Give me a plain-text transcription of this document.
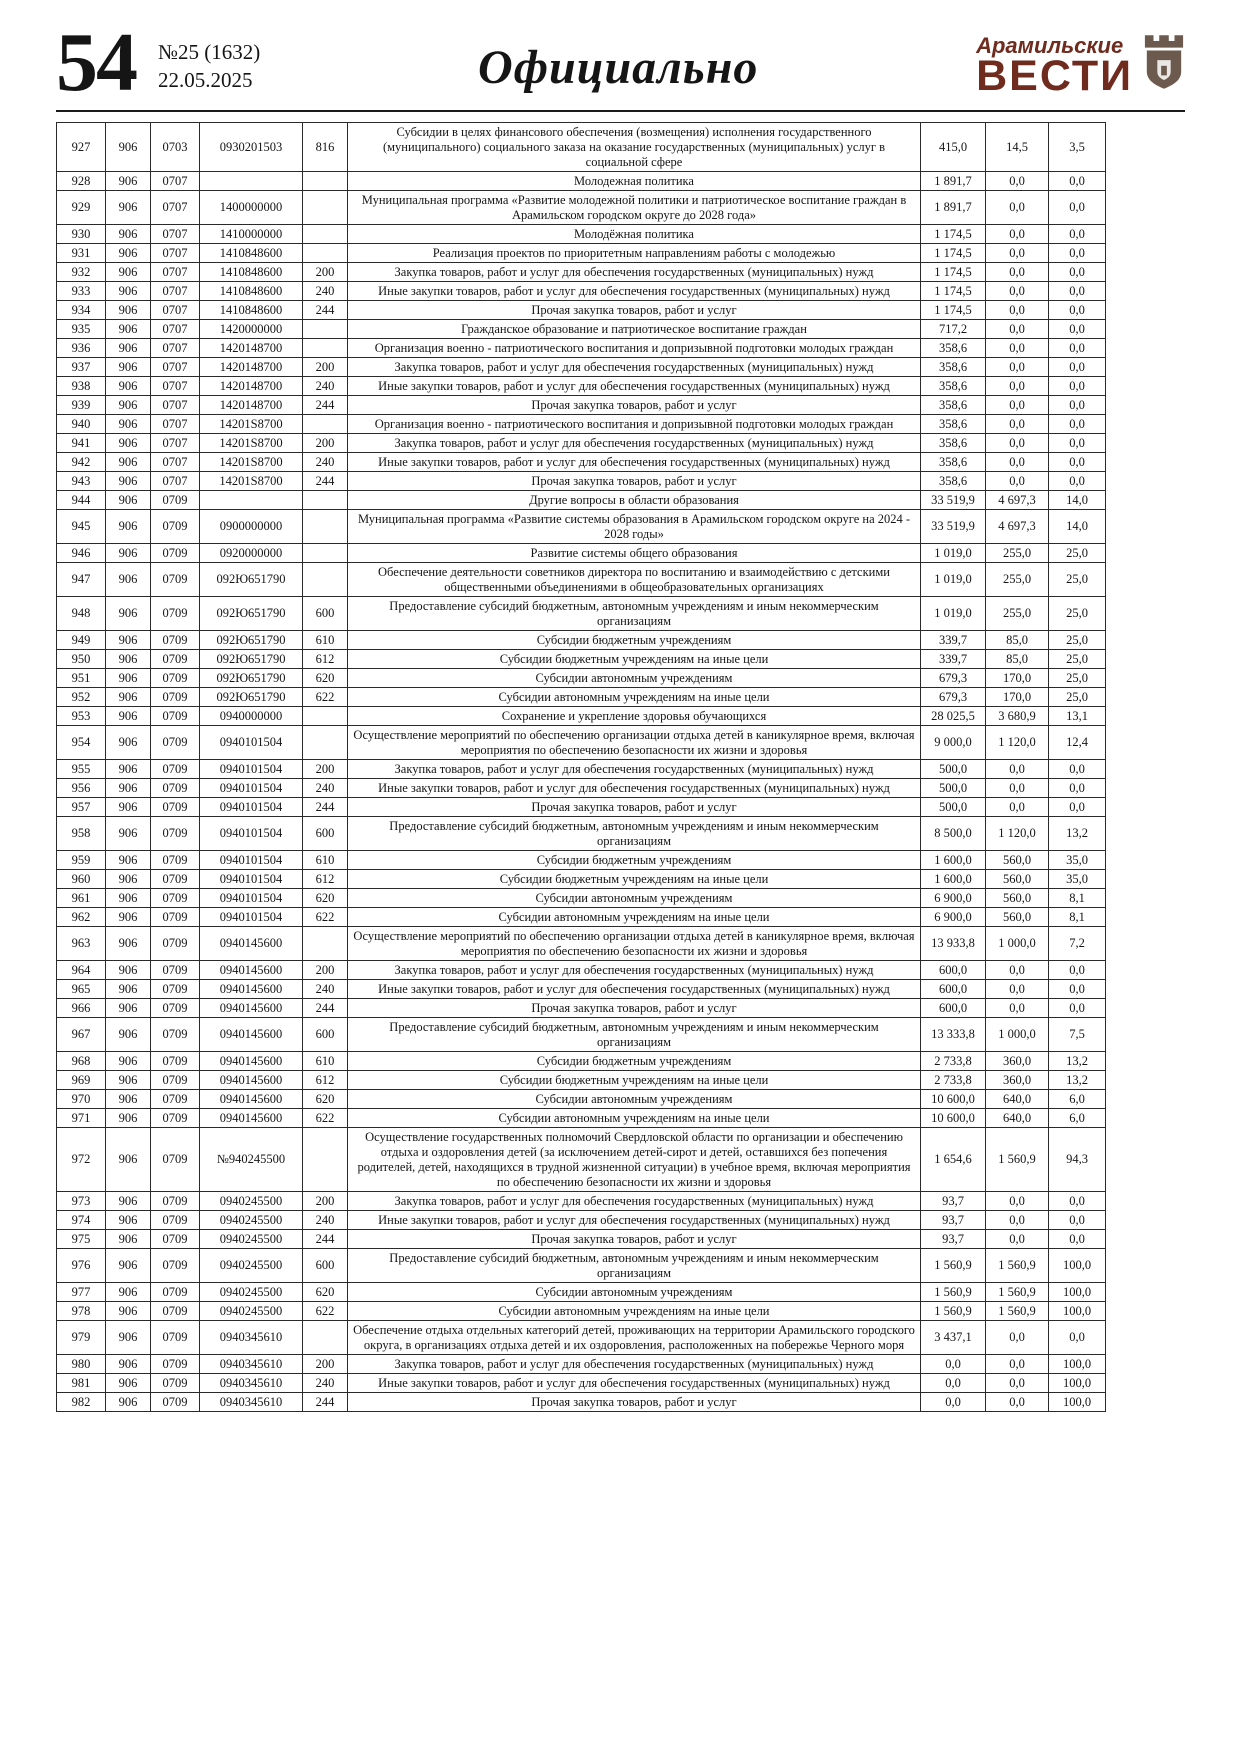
54 №25 (1632)
22.05.2025	Официально	Арамильские
ВЕСТИ
927	906	0703	0930201503	816	Субсидии в целях финансового обеспечения (возмещения) исполнения государственного (муниципального) социального заказа на оказание государственных (муниципальных) услуг в социальной сфере	415,0	14,5	3,5
928	906	0707			Молодежная политика	1 891,7	0,0	0,0
929	906	0707	1400000000		Муниципальная программа «Развитие молодежной политики и патриотическое воспитание граждан в Арамильском городском округе до 2028 года»	1 891,7	0,0	0,0
930	906	0707	1410000000		Молодёжная политика	1 174,5	0,0	0,0
931	906	0707	1410848600		Реализация проектов по приоритетным направлениям работы с молодежью	1 174,5	0,0	0,0
932	906	0707	1410848600	200	Закупка товаров, работ и услуг для обеспечения государственных (муниципальных) нужд	1 174,5	0,0	0,0
933	906	0707	1410848600	240	Иные закупки товаров, работ и услуг для обеспечения государственных (муниципальных) нужд	1 174,5	0,0	0,0
934	906	0707	1410848600	244	Прочая закупка товаров, работ и услуг	1 174,5	0,0	0,0
935	906	0707	1420000000		Гражданское образование и патриотическое воспитание граждан	717,2	0,0	0,0
936	906	0707	1420148700		Организация военно - патриотического воспитания и допризывной подготовки молодых граждан	358,6	0,0	0,0
937	906	0707	1420148700	200	Закупка товаров, работ и услуг для обеспечения государственных (муниципальных) нужд	358,6	0,0	0,0
938	906	0707	1420148700	240	Иные закупки товаров, работ и услуг для обеспечения государственных (муниципальных) нужд	358,6	0,0	0,0
939	906	0707	1420148700	244	Прочая закупка товаров, работ и услуг	358,6	0,0	0,0
940	906	0707	14201S8700		Организация военно - патриотического воспитания и допризывной подготовки молодых граждан	358,6	0,0	0,0
941	906	0707	14201S8700	200	Закупка товаров, работ и услуг для обеспечения государственных (муниципальных) нужд	358,6	0,0	0,0
942	906	0707	14201S8700	240	Иные закупки товаров, работ и услуг для обеспечения государственных (муниципальных) нужд	358,6	0,0	0,0
943	906	0707	14201S8700	244	Прочая закупка товаров, работ и услуг	358,6	0,0	0,0
944	906	0709			Другие вопросы в области образования	33 519,9	4 697,3	14,0
945	906	0709	0900000000		Муниципальная программа «Развитие системы образования в Арамильском городском округе на 2024 - 2028 годы»	33 519,9	4 697,3	14,0
946	906	0709	0920000000		Развитие системы общего образования	1 019,0	255,0	25,0
947	906	0709	092Ю651790		Обеспечение деятельности советников директора по воспитанию и взаимодействию с детскими общественными объединениями в общеобразовательных организациях	1 019,0	255,0	25,0
948	906	0709	092Ю651790	600	Предоставление субсидий бюджетным, автономным учреждениям и иным некоммерческим организациям	1 019,0	255,0	25,0
949	906	0709	092Ю651790	610	Субсидии бюджетным учреждениям	339,7	85,0	25,0
950	906	0709	092Ю651790	612	Субсидии бюджетным учреждениям на иные цели	339,7	85,0	25,0
951	906	0709	092Ю651790	620	Субсидии автономным учреждениям	679,3	170,0	25,0
952	906	0709	092Ю651790	622	Субсидии автономным учреждениям на иные цели	679,3	170,0	25,0
953	906	0709	0940000000		Сохранение и укрепление здоровья обучающихся	28 025,5	3 680,9	13,1
954	906	0709	0940101504		Осуществление мероприятий по обеспечению организации отдыха детей в каникулярное время, включая мероприятия по обеспечению безопасности их жизни и здоровья	9 000,0	1 120,0	12,4
955	906	0709	0940101504	200	Закупка товаров, работ и услуг для обеспечения государственных (муниципальных) нужд	500,0	0,0	0,0
956	906	0709	0940101504	240	Иные закупки товаров, работ и услуг для обеспечения государственных (муниципальных) нужд	500,0	0,0	0,0
957	906	0709	0940101504	244	Прочая закупка товаров, работ и услуг	500,0	0,0	0,0
958	906	0709	0940101504	600	Предоставление субсидий бюджетным, автономным учреждениям и иным некоммерческим организациям	8 500,0	1 120,0	13,2
959	906	0709	0940101504	610	Субсидии бюджетным учреждениям	1 600,0	560,0	35,0
960	906	0709	0940101504	612	Субсидии бюджетным учреждениям на иные цели	1 600,0	560,0	35,0
961	906	0709	0940101504	620	Субсидии автономным учреждениям	6 900,0	560,0	8,1
962	906	0709	0940101504	622	Субсидии автономным учреждениям на иные цели	6 900,0	560,0	8,1
963	906	0709	0940145600		Осуществление мероприятий по обеспечению организации отдыха детей в каникулярное время, включая мероприятия по обеспечению безопасности их жизни и здоровья	13 933,8	1 000,0	7,2
964	906	0709	0940145600	200	Закупка товаров, работ и услуг для обеспечения государственных (муниципальных) нужд	600,0	0,0	0,0
965	906	0709	0940145600	240	Иные закупки товаров, работ и услуг для обеспечения государственных (муниципальных) нужд	600,0	0,0	0,0
966	906	0709	0940145600	244	Прочая закупка товаров, работ и услуг	600,0	0,0	0,0
967	906	0709	0940145600	600	Предоставление субсидий бюджетным, автономным учреждениям и иным некоммерческим организациям	13 333,8	1 000,0	7,5
968	906	0709	0940145600	610	Субсидии бюджетным учреждениям	2 733,8	360,0	13,2
969	906	0709	0940145600	612	Субсидии бюджетным учреждениям на иные цели	2 733,8	360,0	13,2
970	906	0709	0940145600	620	Субсидии автономным учреждениям	10 600,0	640,0	6,0
971	906	0709	0940145600	622	Субсидии автономным учреждениям на иные цели	10 600,0	640,0	6,0
972	906	0709	№940245500		Осуществление государственных полномочий Свердловской области по организации и обеспечению отдыха и оздоровления детей (за исключением детей-сирот и детей, оставшихся без попечения родителей, детей, находящихся в трудной жизненной ситуации) в учебное время, включая мероприятия по обеспечению безопасности их жизни и здоровья	1 654,6	1 560,9	94,3
973	906	0709	0940245500	200	Закупка товаров, работ и услуг для обеспечения государственных (муниципальных) нужд	93,7	0,0	0,0
974	906	0709	0940245500	240	Иные закупки товаров, работ и услуг для обеспечения государственных (муниципальных) нужд	93,7	0,0	0,0
975	906	0709	0940245500	244	Прочая закупка товаров, работ и услуг	93,7	0,0	0,0
976	906	0709	0940245500	600	Предоставление субсидий бюджетным, автономным учреждениям и иным некоммерческим организациям	1 560,9	1 560,9	100,0
977	906	0709	0940245500	620	Субсидии автономным учреждениям	1 560,9	1 560,9	100,0
978	906	0709	0940245500	622	Субсидии автономным учреждениям на иные цели	1 560,9	1 560,9	100,0
979	906	0709	0940345610		Обеспечение отдыха отдельных категорий детей, проживающих на территории Арамильского городского округа, в организациях отдыха детей и их оздоровления, расположенных на побережье Черного моря	3 437,1	0,0	0,0
980	906	0709	0940345610	200	Закупка товаров, работ и услуг для обеспечения государственных (муниципальных) нужд	0,0	0,0	100,0
981	906	0709	0940345610	240	Иные закупки товаров, работ и услуг для обеспечения государственных (муниципальных) нужд	0,0	0,0	100,0
982	906	0709	0940345610	244	Прочая закупка товаров, работ и услуг	0,0	0,0	100,0
